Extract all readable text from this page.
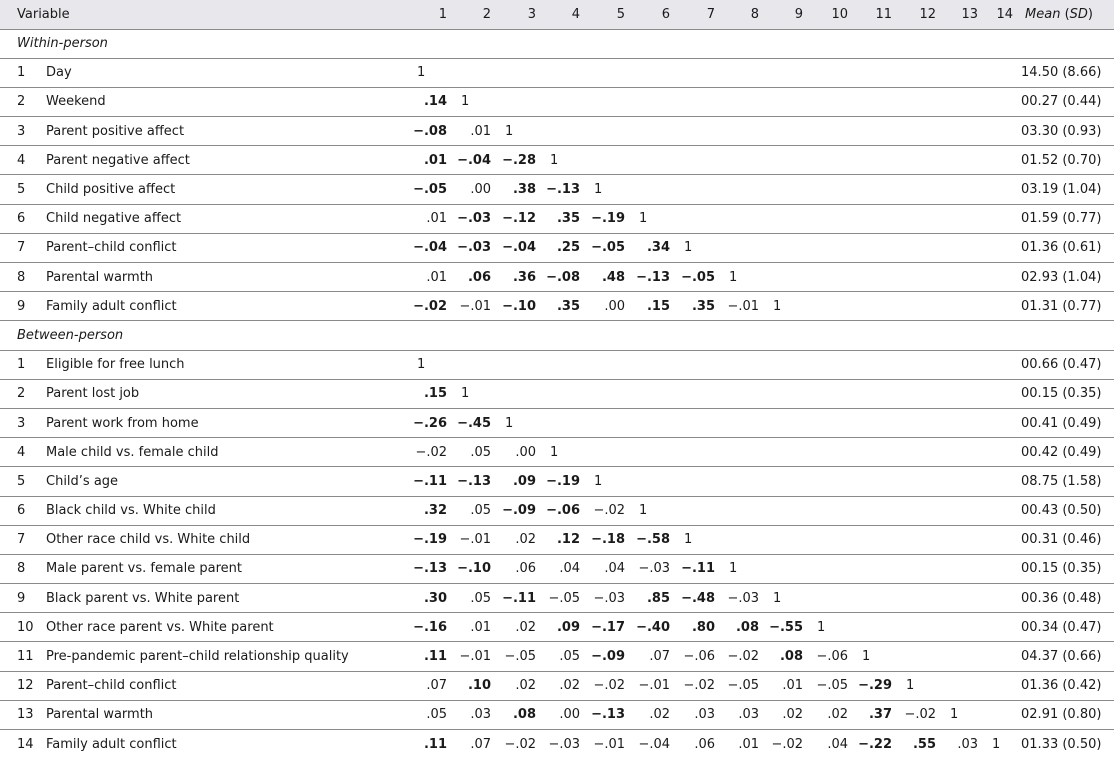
Variable			1	2	3	4	5	6	7	8	9	10	11	12	13	14	Mean (SD)
Within-person																
1	Day			1														14.50 (8.66)
2	Weekend			.14	1													00.27 (0.44)
3	Parent positive affect			−.08	.01	1												03.30 (0.93)
4	Parent negative affect			.01	−.04	−.28	1											01.52 (0.70)
5	Child positive affect			−.05	.00	.38	−.13	1										03.19 (1.04)
6	Child negative affect			.01	−.03	−.12	.35	−.19	1									01.59 (0.77)
7	Parent–child conflict			−.04	−.03	−.04	.25	−.05	.34	1								01.36 (0.61)
8	Parental warmth			.01	.06	.36	−.08	.48	−.13	−.05	1							02.93 (1.04)
9	Family adult conflict			−.02	−.01	−.10	.35	.00	.15	.35	−.01	1						01.31 (0.77)
Between-person																
1	Eligible for free lunch			1														00.66 (0.47)
2	Parent lost job			.15	1													00.15 (0.35)
3	Parent work from home			−.26	−.45	1												00.41 (0.49)
4	Male child vs. female child			−.02	.05	.00	1											00.42 (0.49)
5	Child’s age			−.11	−.13	.09	−.19	1										08.75 (1.58)
6	Black child vs. White child			.32	.05	−.09	−.06	−.02	1									00.43 (0.50)
7	Other race child vs. White child			−.19	−.01	.02	.12	−.18	−.58	1								00.31 (0.46)
8	Male parent vs. female parent			−.13	−.10	.06	.04	.04	−.03	−.11	1							00.15 (0.35)
9	Black parent vs. White parent			.30	.05	−.11	−.05	−.03	.85	−.48	−.03	1						00.36 (0.48)
10	Other race parent vs. White parent			−.16	.01	.02	.09	−.17	−.40	.80	.08	−.55	1					00.34 (0.47)
11	Pre-pandemic parent–child relationship quality			.11	−.01	−.05	.05	−.09	.07	−.06	−.02	.08	−.06	1				04.37 (0.66)
12	Parent–child conflict			.07	.10	.02	.02	−.02	−.01	−.02	−.05	.01	−.05	−.29	1			01.36 (0.42)
13	Parental warmth			.05	.03	.08	.00	−.13	.02	.03	.03	.02	.02	.37	−.02	1		02.91 (0.80)
14	Family adult conflict			.11	.07	−.02	−.03	−.01	−.04	.06	.01	−.02	.04	−.22	.55	.03	1	01.33 (0.50)
